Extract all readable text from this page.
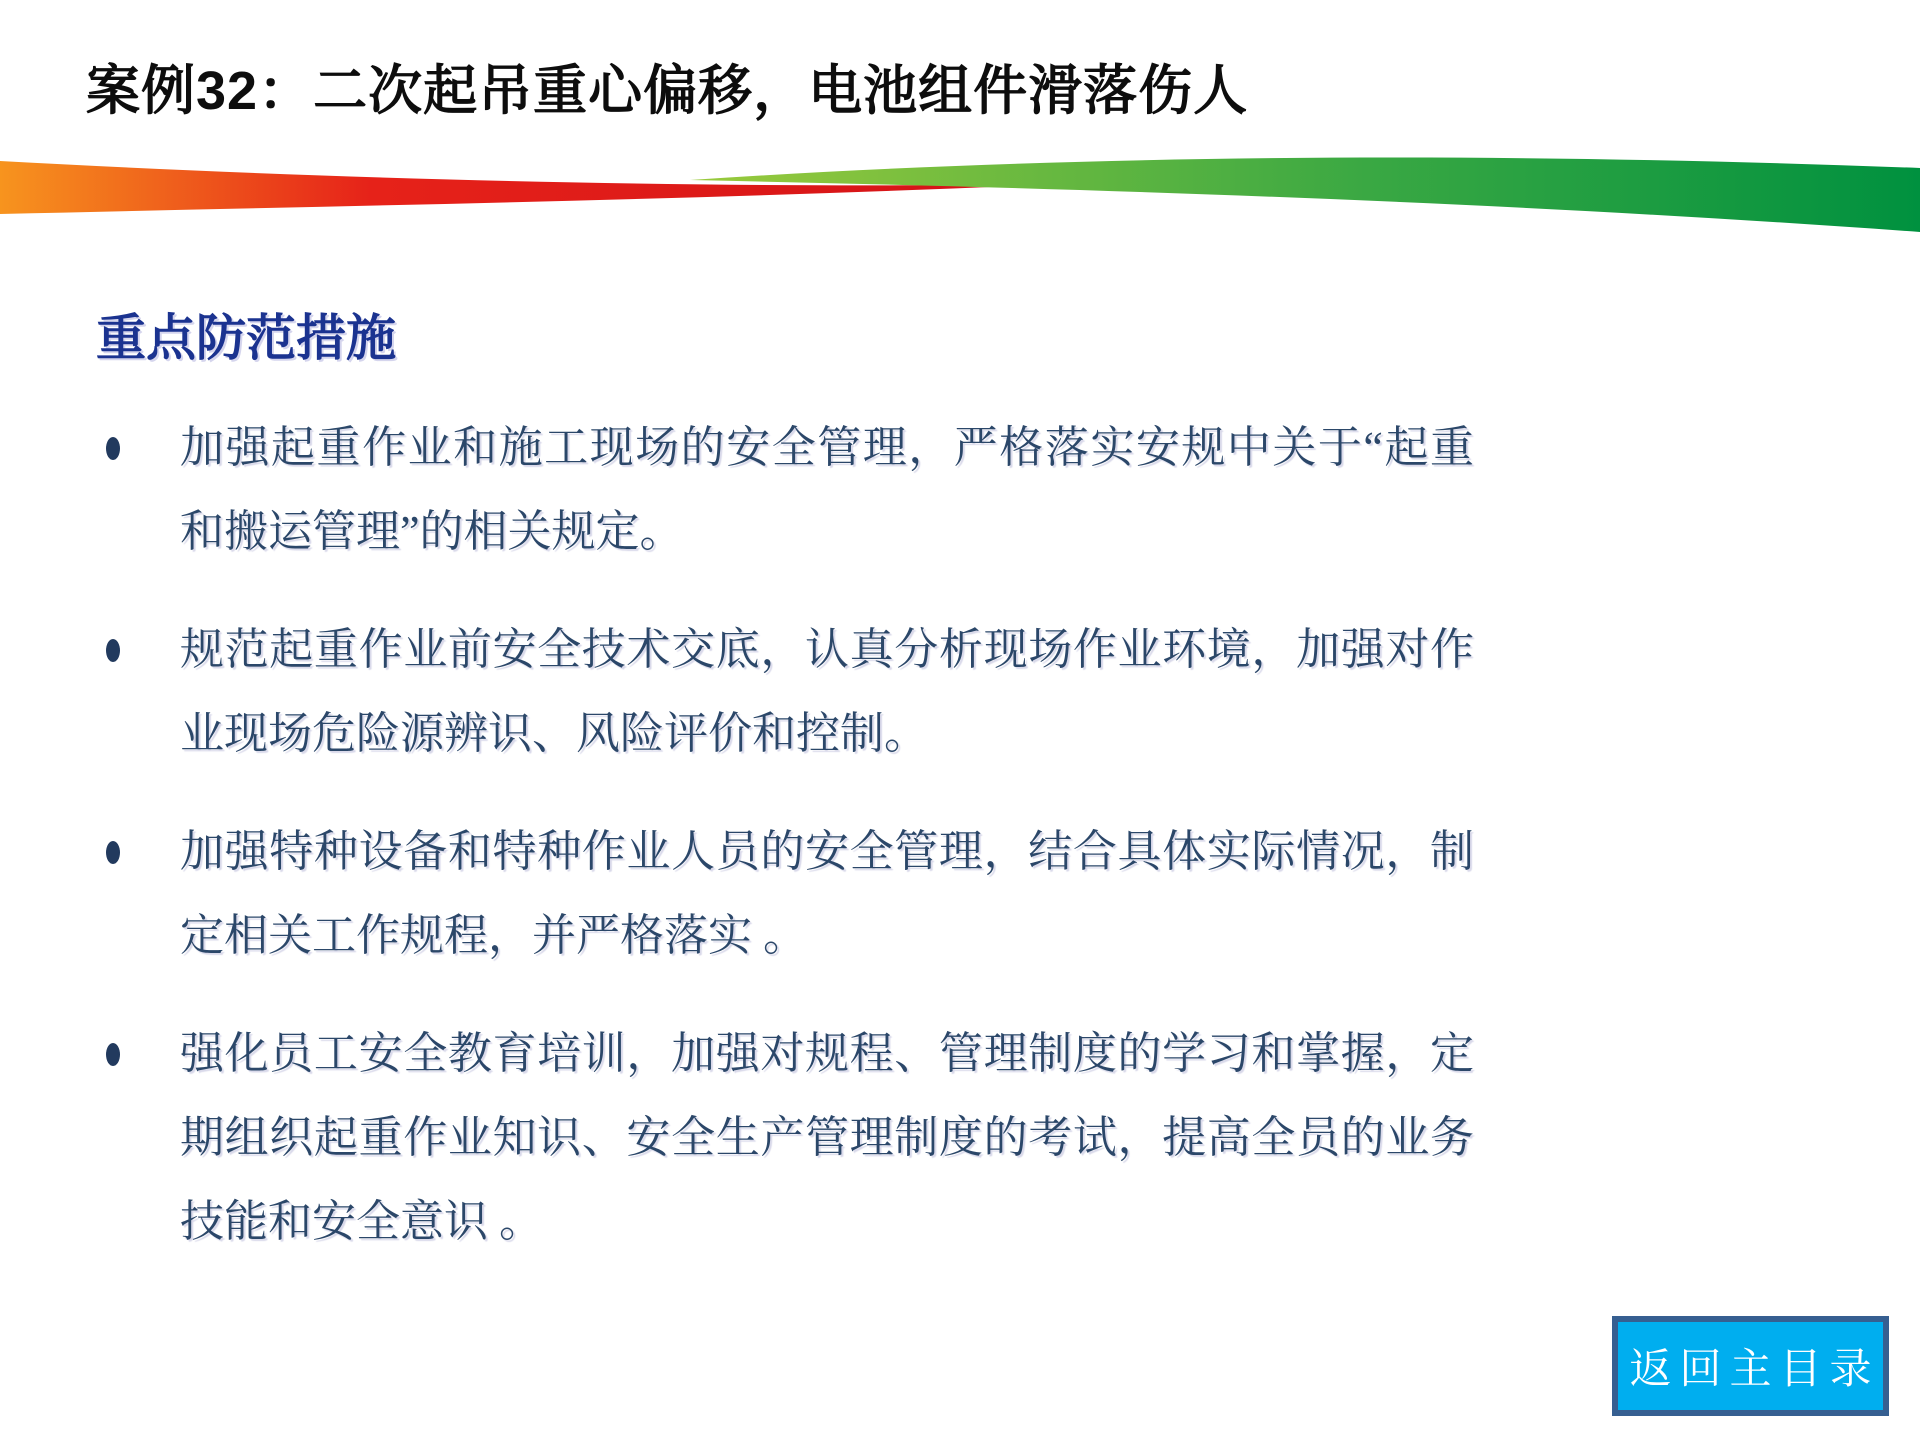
案例32：二次起吊重心偏移，电池组件滑落伤人
重点防范措施
加强起重作业和施工现场的安全管理，严格落实安规中关于“起重和搬运管理”的相关规定。
规范起重作业前安全技术交底，认真分析现场作业环境，加强对作业现场危险源辨识、风险评价和控制。
加强特种设备和特种作业人员的安全管理，结合具体实际情况，制定相关工作规程，并严格落实 。
强化员工安全教育培训，加强对规程、管理制度的学习和掌握，定期组织起重作业知识、安全生产管理制度的考试，提高全员的业务技能和安全意识 。
返回主目录
